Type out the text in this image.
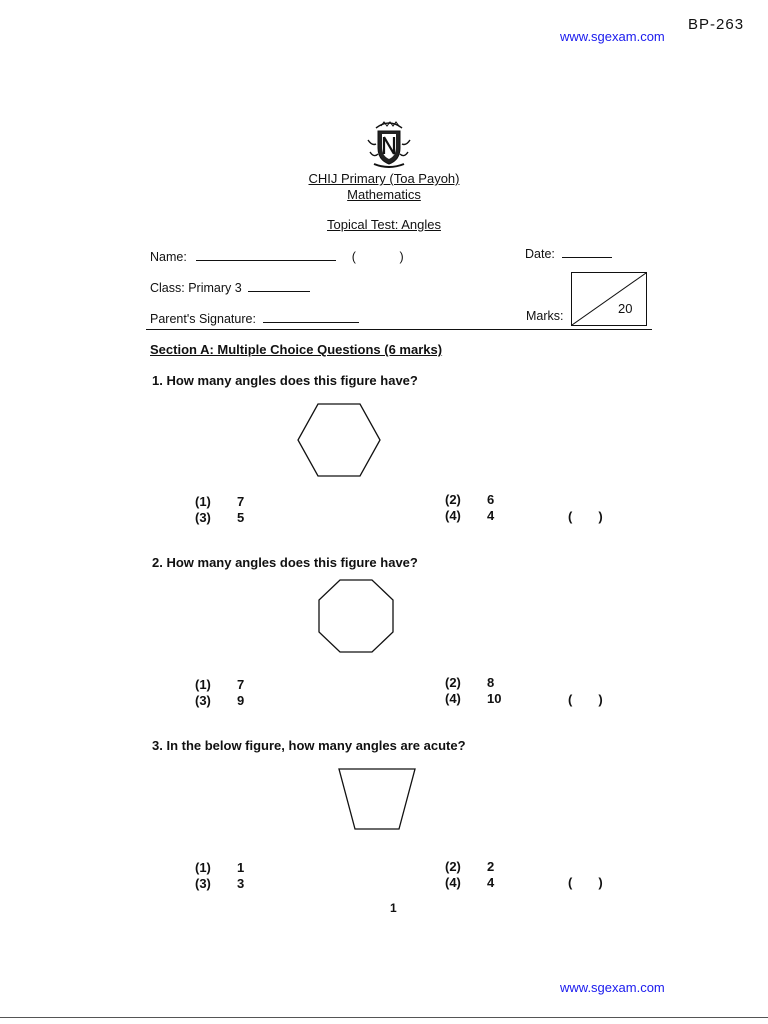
BP-263
www.sgexam.com
CHIJ Primary (Toa Payoh)
Mathematics
Topical Test: Angles
Name:	(	)	Date:
Class: Primary 3
Parent's Signature:	Marks:	20
Section A: Multiple Choice Questions (6 marks)
1. How many angles does this figure have?
(1) 7	(2) 6
(3) 5	(4) 4	( )
2. How many angles does this figure have?
(1) 7	(2) 8
(3) 9	(4) 10	( )
3. In the below figure, how many angles are acute?
(1) 1	(2) 2
(3) 3	(4) 4	( )
1
www.sgexam.com
